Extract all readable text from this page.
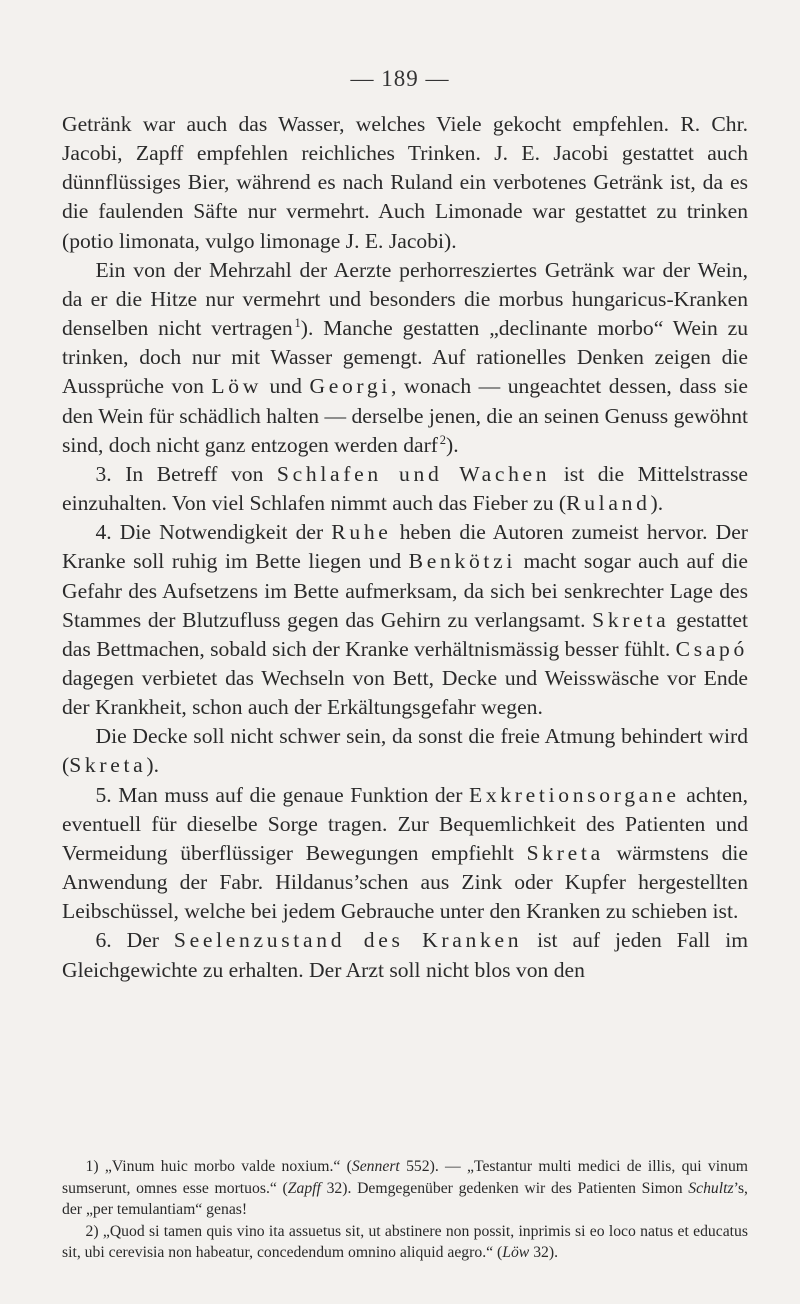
— 189 —

Getränk war auch das Wasser, welches Viele gekocht empfehlen. R. Chr. Jacobi, Zapff empfehlen reichliches Trinken. J. E. Jacobi gestattet auch dünnflüssiges Bier, während es nach Ruland ein verbotenes Getränk ist, da es die faulenden Säfte nur vermehrt. Auch Limonade war gestattet zu trinken (potio limonata, vulgo limonage J. E. Jacobi).

Ein von der Mehrzahl der Aerzte perhorresziertes Getränk war der Wein, da er die Hitze nur vermehrt und besonders die morbus hungaricus-Kranken denselben nicht vertragen  $^1$). Manche gestatten „declinante morbo“ Wein zu trinken, doch nur mit Wasser gemengt. Auf rationelles Denken zeigen die Aussprüche von Löw und Georgi, wonach — ungeachtet dessen, dass sie den Wein für schädlich halten — derselbe jenen, die an seinen Genuss gewöhnt sind, doch nicht ganz entzogen werden darf  $^2$).

3. In Betreff von Schlafen und Wachen ist die Mittelstrasse einzuhalten. Von viel Schlafen nimmt auch das Fieber zu (Ruland).

4. Die Notwendigkeit der Ruhe heben die Autoren zumeist hervor. Der Kranke soll ruhig im Bette liegen und Benkötzi macht sogar auch auf die Gefahr des Aufsetzens im Bette aufmerksam, da sich bei senkrechter Lage des Stammes der Blutzufluss gegen das Gehirn zu verlangsamt. Skreta gestattet das Bettmachen, sobald sich der Kranke verhältnismässig besser fühlt. Csapó dagegen verbietet das Wechseln von Bett, Decke und Weisswäsche vor Ende der Krankheit, schon auch der Erkältungsgefahr wegen.

Die Decke soll nicht schwer sein, da sonst die freie Atmung behindert wird (Skreta).

5. Man muss auf die genaue Funktion der Exkretionsorgane achten, eventuell für dieselbe Sorge tragen. Zur Bequemlichkeit des Patienten und Vermeidung überflüssiger Bewegungen empfiehlt Skreta wärmstens die Anwendung der Fabr. Hildanus’schen aus Zink oder Kupfer hergestellten Leibschüssel, welche bei jedem Gebrauche unter den Kranken zu schieben ist.

6. Der Seelenzustand des Kranken ist auf jeden Fall im Gleichgewichte zu erhalten. Der Arzt soll nicht blos von den

1) „Vinum huic morbo valde noxium.“ (Sennert 552). — „Testantur multi medici de illis, qui vinum sumserunt, omnes esse mortuos.“ (Zapff 32). Demgegenüber gedenken wir des Patienten Simon Schultz’s, der „per temulantiam“ genas!

2) „Quod si tamen quis vino ita assuetus sit, ut abstinere non possit, inprimis si eo loco natus et educatus sit, ubi cerevisia non habeatur, concedendum omnino aliquid aegro.“ (Löw 32).
